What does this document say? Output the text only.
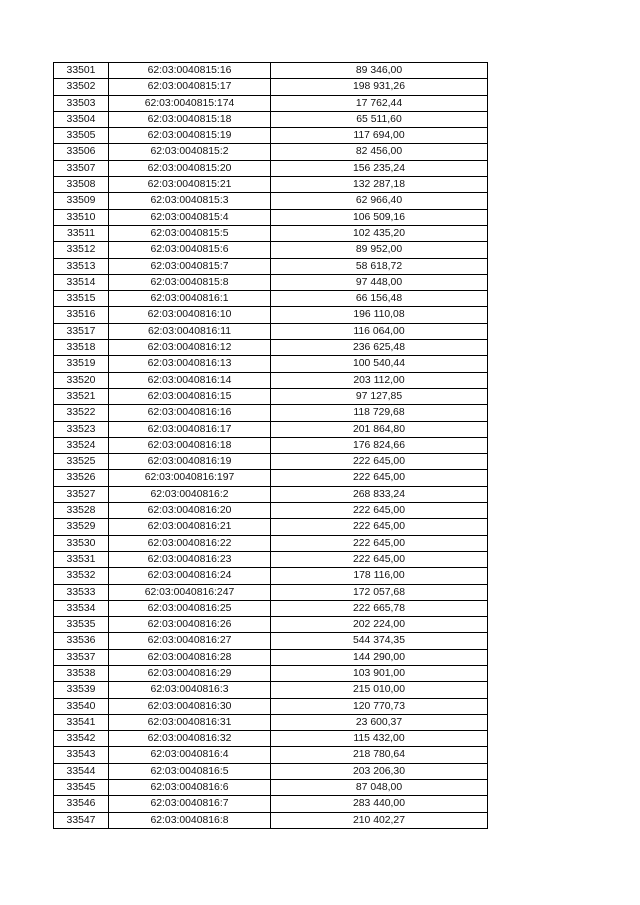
33501	62:03:0040815:16	89 346,00
33502	62:03:0040815:17	198 931,26
33503	62:03:0040815:174	17 762,44
33504	62:03:0040815:18	65 511,60
33505	62:03:0040815:19	117 694,00
33506	62:03:0040815:2	82 456,00
33507	62:03:0040815:20	156 235,24
33508	62:03:0040815:21	132 287,18
33509	62:03:0040815:3	62 966,40
33510	62:03:0040815:4	106 509,16
33511	62:03:0040815:5	102 435,20
33512	62:03:0040815:6	89 952,00
33513	62:03:0040815:7	58 618,72
33514	62:03:0040815:8	97 448,00
33515	62:03:0040816:1	66 156,48
33516	62:03:0040816:10	196 110,08
33517	62:03:0040816:11	116 064,00
33518	62:03:0040816:12	236 625,48
33519	62:03:0040816:13	100 540,44
33520	62:03:0040816:14	203 112,00
33521	62:03:0040816:15	97 127,85
33522	62:03:0040816:16	118 729,68
33523	62:03:0040816:17	201 864,80
33524	62:03:0040816:18	176 824,66
33525	62:03:0040816:19	222 645,00
33526	62:03:0040816:197	222 645,00
33527	62:03:0040816:2	268 833,24
33528	62:03:0040816:20	222 645,00
33529	62:03:0040816:21	222 645,00
33530	62:03:0040816:22	222 645,00
33531	62:03:0040816:23	222 645,00
33532	62:03:0040816:24	178 116,00
33533	62:03:0040816:247	172 057,68
33534	62:03:0040816:25	222 665,78
33535	62:03:0040816:26	202 224,00
33536	62:03:0040816:27	544 374,35
33537	62:03:0040816:28	144 290,00
33538	62:03:0040816:29	103 901,00
33539	62:03:0040816:3	215 010,00
33540	62:03:0040816:30	120 770,73
33541	62:03:0040816:31	23 600,37
33542	62:03:0040816:32	115 432,00
33543	62:03:0040816:4	218 780,64
33544	62:03:0040816:5	203 206,30
33545	62:03:0040816:6	87 048,00
33546	62:03:0040816:7	283 440,00
33547	62:03:0040816:8	210 402,27
